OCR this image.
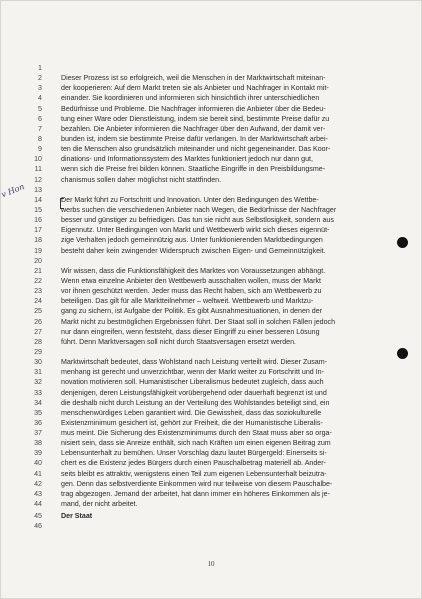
v Hon
1
2	Dieser Prozess ist so erfolgreich, weil die Menschen in der Marktwirtschaft miteinan-
3	der kooperieren: Auf dem Markt treten sie als Anbieter und Nachfrager in Kontakt mit-
4	einander. Sie koordinieren und informieren sich hinsichtlich ihrer unterschiedlichen
5	Bedürfnisse und Probleme. Die Nachfrager informieren die Anbieter über die Bedeu-
6	tung einer Ware oder Dienstleistung, indem sie bereit sind, bestimmte Preise dafür zu
7	bezahlen. Die Anbieter informieren die Nachfrager über den Aufwand, der damit ver-
8	bunden ist, indem sie bestimmte Preise dafür verlangen. In der Marktwirtschaft arbei-
9	ten die Menschen also grundsätzlich miteinander und nicht gegeneinander. Das Koor-
10	dinations- und Informationssystem des Marktes funktioniert jedoch nur dann gut,
11	wenn sich die Preise frei bilden können. Staatliche Eingriffe in den Preisbildungsme-
12	chanismus sollen daher möglichst nicht stattfinden.
13
14	Der Markt führt zu Fortschritt und Innovation. Unter den Bedingungen des Wettbe-
15	werbs suchen die verschiedenen Anbieter nach Wegen, die Bedürfnisse der Nachfrager
16	besser und günstiger zu befriedigen. Das tun sie nicht aus Selbstlosigkeit, sondern aus
17	Eigennutz. Unter Bedingungen von Markt und Wettbewerb wirkt sich dieses eigennüt-
18	zige Verhalten jedoch gemeinnützig aus. Unter funktionierenden Marktbedingungen
19	besteht daher kein zwingender Widerspruch zwischen Eigen- und Gemeinnützigkeit.
20
21	Wir wissen, dass die Funktionsfähigkeit des Marktes von Voraussetzungen abhängt.
22	Wenn etwa einzelne Anbieter den Wettbewerb ausschalten wollen, muss der Markt
23	vor ihnen geschützt werden. Jeder muss das Recht haben, sich am Wettbewerb zu
24	beteiligen. Das gilt für alle Marktteilnehmer – weltweit. Wettbewerb und Marktzu-
25	gang zu sichern, ist Aufgabe der Politik. Es gibt Ausnahmesituationen, in denen der
26	Markt nicht zu bestmöglichen Ergebnissen führt. Der Staat soll in solchen Fällen jedoch
27	nur dann eingreifen, wenn feststeht, dass dieser Eingriff zu einer besseren Lösung
28	führt. Denn Marktversagen soll nicht durch Staatsversagen ersetzt werden.
29
30	Marktwirtschaft bedeutet, dass Wohlstand nach Leistung verteilt wird. Dieser Zusam-
31	menhang ist gerecht und unverzichtbar, wenn der Markt weiter zu Fortschritt und In-
32	novation motivieren soll. Humanistischer Liberalismus bedeutet zugleich, dass auch
33	denjenigen, deren Leistungsfähigkeit vorübergehend oder dauerhaft begrenzt ist und
34	die deshalb nicht durch Leistung an der Verteilung des Wohlstandes beteiligt sind, ein
35	menschenwürdiges Leben garantiert wird. Die Gewissheit, dass das soziokulturelle
36	Existenzminimum gesichert ist, gehört zur Freiheit, die der Humanistische Liberalis-
37	mus meint. Die Sicherung des Existenzminimums durch den Staat muss aber so orga-
38	nisiert sein, dass sie Anreize enthält, sich nach Kräften um einen eigenen Beitrag zum
39	Lebensunterhalt zu bemühen. Unser Vorschlag dazu lautet Bürgergeld: Einerseits si-
40	chert es die Existenz jedes Bürgers durch einen Pauschalbetrag materiell ab. Ander-
41	seits bleibt es attraktiv, wenigstens einen Teil zum eigenen Lebensunterhalt beizutra-
42	gen. Denn das selbstverdiente Einkommen wird nur teilweise von diesem Pauschalbe-
43	trag abgezogen. Jemand der arbeitet, hat dann immer ein höheres Einkommen als je-
44	mand, der nicht arbeitet.
45	Der Staat
46
10
